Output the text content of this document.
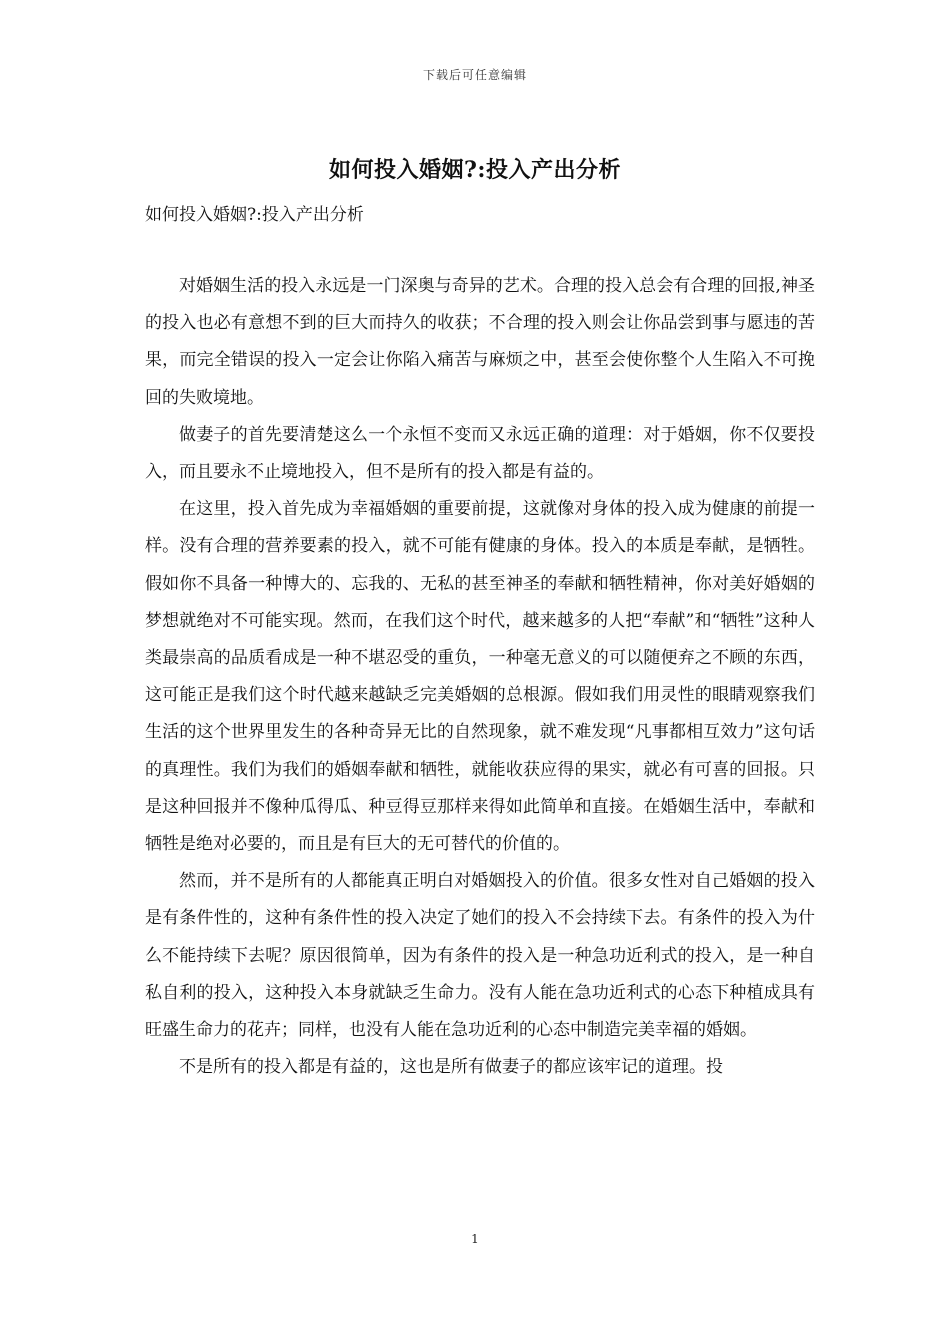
下载后可任意编辑
如何投入婚姻?:投入产出分析
如何投入婚姻?:投入产出分析

对婚姻生活的投入永远是一门深奥与奇异的艺术。合理的投入总会有合理的回报,神圣的投入也必有意想不到的巨大而持久的收获；不合理的投入则会让你品尝到事与愿违的苦果，而完全错误的投入一定会让你陷入痛苦与麻烦之中，甚至会使你整个人生陷入不可挽回的失败境地。

做妻子的首先要清楚这么一个永恒不变而又永远正确的道理：对于婚姻，你不仅要投入，而且要永不止境地投入，但不是所有的投入都是有益的。

在这里，投入首先成为幸福婚姻的重要前提，这就像对身体的投入成为健康的前提一样。没有合理的营养要素的投入，就不可能有健康的身体。投入的本质是奉献，是牺牲。假如你不具备一种博大的、忘我的、无私的甚至神圣的奉献和牺牲精神，你对美好婚姻的梦想就绝对不可能实现。然而，在我们这个时代，越来越多的人把“奉献”和“牺牲”这种人类最崇高的品质看成是一种不堪忍受的重负，一种毫无意义的可以随便弃之不顾的东西，这可能正是我们这个时代越来越缺乏完美婚姻的总根源。假如我们用灵性的眼睛观察我们生活的这个世界里发生的各种奇异无比的自然现象，就不难发现“凡事都相互效力”这句话的真理性。我们为我们的婚姻奉献和牺牲，就能收获应得的果实，就必有可喜的回报。只是这种回报并不像种瓜得瓜、种豆得豆那样来得如此简单和直接。在婚姻生活中，奉献和牺牲是绝对必要的，而且是有巨大的无可替代的价值的。

然而，并不是所有的人都能真正明白对婚姻投入的价值。很多女性对自己婚姻的投入是有条件性的，这种有条件性的投入决定了她们的投入不会持续下去。有条件的投入为什么不能持续下去呢？原因很简单，因为有条件的投入是一种急功近利式的投入，是一种自私自利的投入，这种投入本身就缺乏生命力。没有人能在急功近利式的心态下种植成具有旺盛生命力的花卉；同样，也没有人能在急功近利的心态中制造完美幸福的婚姻。

不是所有的投入都是有益的，这也是所有做妻子的都应该牢记的道理。投

1
